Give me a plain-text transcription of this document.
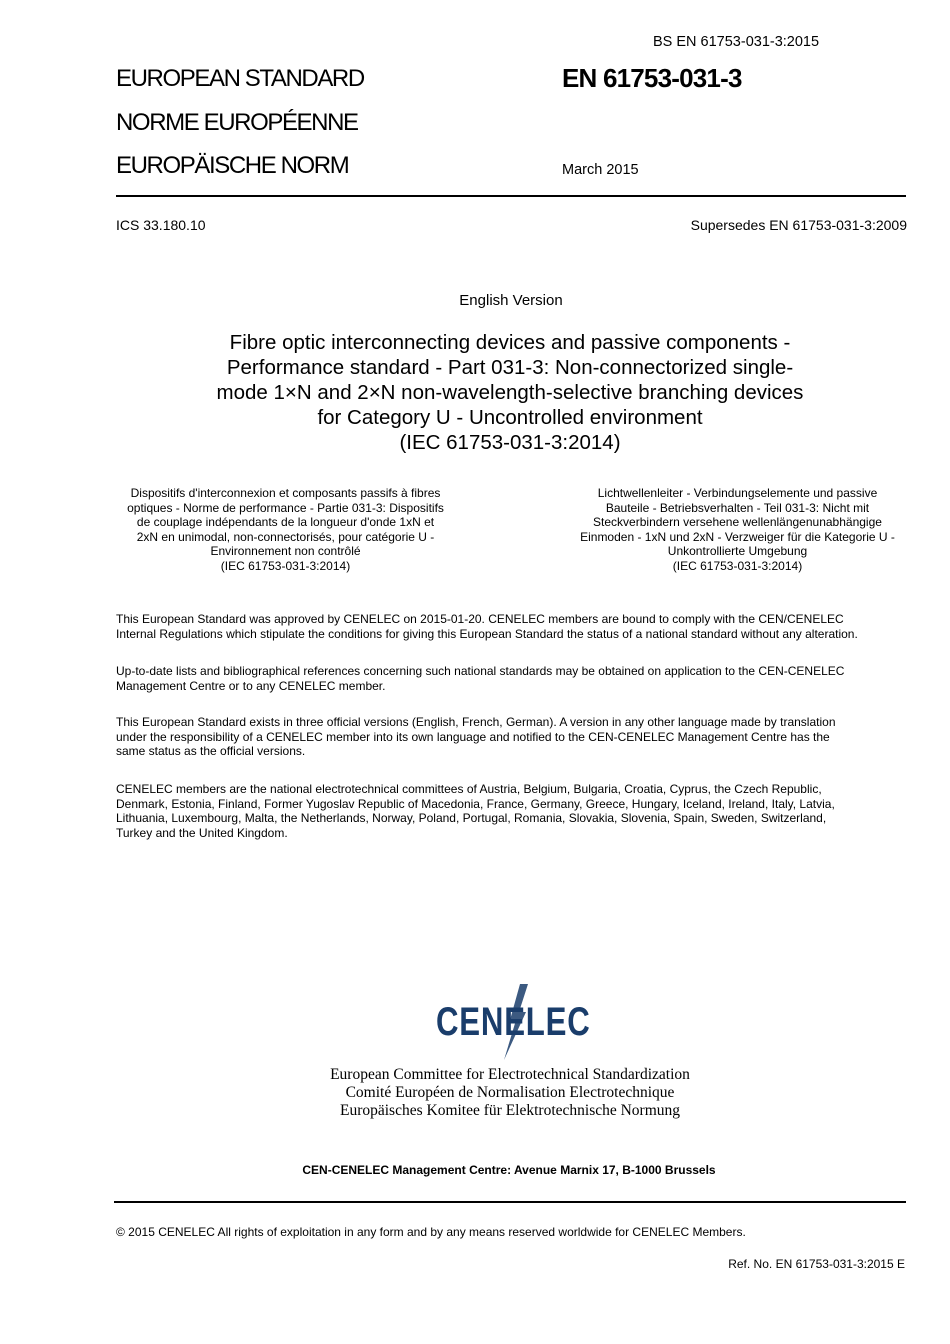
BS EN 61753-031-3:2015
EUROPEAN STANDARD
NORME EUROPÉENNE
EUROPÄISCHE NORM
EN 61753-031-3
March 2015
ICS 33.180.10	Supersedes EN 61753-031-3:2009
English Version
Fibre optic interconnecting devices and passive components -
Performance standard - Part 031-3: Non-connectorized single-
mode 1×N and 2×N non-wavelength-selective branching devices
for Category U - Uncontrolled environment
(IEC 61753-031-3:2014)
Dispositifs d'interconnexion et composants passifs à fibres
optiques - Norme de performance - Partie 031-3: Dispositifs
de couplage indépendants de la longueur d'onde 1xN et
2xN en unimodal, non-connectorisés, pour catégorie U -
Environnement non contrôlé
(IEC 61753-031-3:2014)
Lichtwellenleiter - Verbindungselemente und passive
Bauteile - Betriebsverhalten - Teil 031-3: Nicht mit
Steckverbindern versehene wellenlängenunabhängige
Einmoden - 1xN und 2xN - Verzweiger für die Kategorie U -
Unkontrollierte Umgebung
(IEC 61753-031-3:2014)
This European Standard was approved by CENELEC on 2015-01-20. CENELEC members are bound to comply with the CEN/CENELEC
Internal Regulations which stipulate the conditions for giving this European Standard the status of a national standard without any alteration.
Up-to-date lists and bibliographical references concerning such national standards may be obtained on application to the CEN-CENELEC
Management Centre or to any CENELEC member.
This European Standard exists in three official versions (English, French, German). A version in any other language made by translation
under the responsibility of a CENELEC member into its own language and notified to the CEN-CENELEC Management Centre has the
same status as the official versions.
CENELEC members are the national electrotechnical committees of Austria, Belgium, Bulgaria, Croatia, Cyprus, the Czech Republic,
Denmark, Estonia, Finland, Former Yugoslav Republic of Macedonia, France, Germany, Greece, Hungary, Iceland, Ireland, Italy, Latvia,
Lithuania, Luxembourg, Malta, the Netherlands, Norway, Poland, Portugal, Romania, Slovakia, Slovenia, Spain, Sweden, Switzerland,
Turkey and the United Kingdom.
CENELEC
European Committee for Electrotechnical Standardization
Comité Européen de Normalisation Electrotechnique
Europäisches Komitee für Elektrotechnische Normung
CEN-CENELEC Management Centre: Avenue Marnix 17, B-1000 Brussels
© 2015 CENELEC All rights of exploitation in any form and by any means reserved worldwide for CENELEC Members.
Ref. No. EN 61753-031-3:2015 E
